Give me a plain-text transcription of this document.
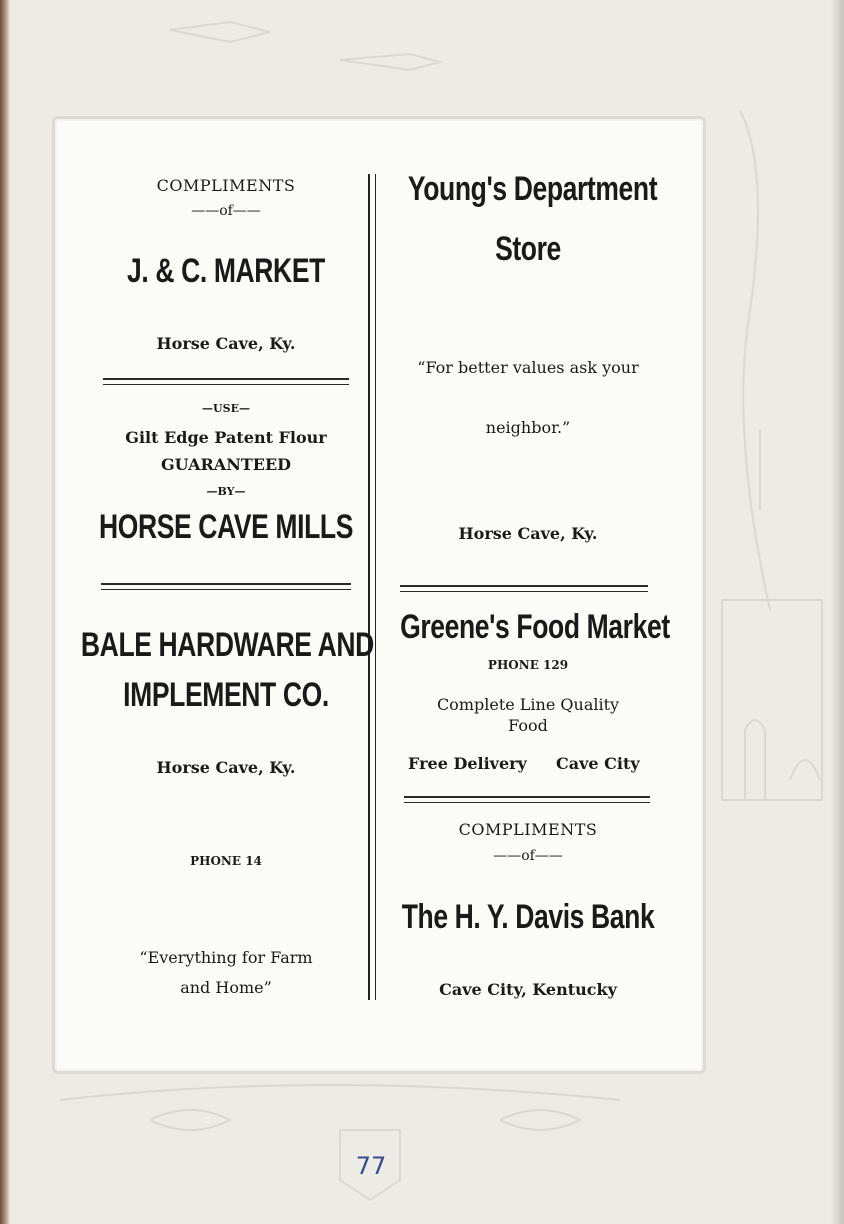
COMPLIMENTS
——of——
J. & C. MARKET
Horse Cave, Ky.
—USE—
Gilt Edge Patent Flour
GUARANTEED
—BY—
HORSE CAVE MILLS
BALE HARDWARE AND
IMPLEMENT CO.
Horse Cave, Ky.
PHONE 14
“Everything for Farm
and Home”
Young's Department
Store
“For better values ask your
neighbor.”
Horse Cave, Ky.
Greene's Food Market
PHONE 129
Complete Line Quality
Food
Free Delivery Cave City
COMPLIMENTS
——of——
The H. Y. Davis Bank
Cave City, Kentucky
77
